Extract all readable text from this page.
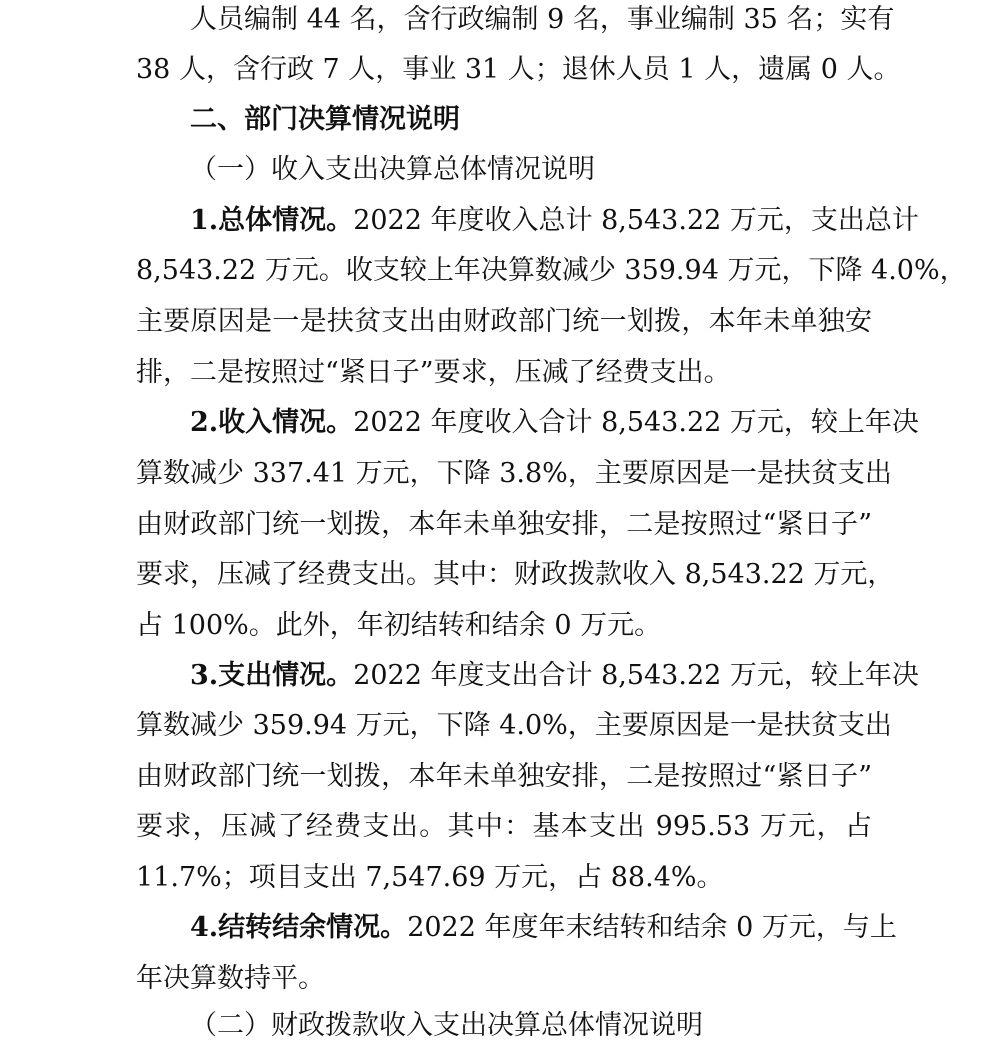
人员编制 44 名，含行政编制 9 名，事业编制 35 名；实有
38 人，含行政 7 人，事业 31 人；退休人员 1 人，遗属 0 人。
二、部门决算情况说明
（一）收入支出决算总体情况说明
1.总体情况。2022 年度收入总计 8,543.22 万元，支出总计
8,543.22 万元。收支较上年决算数减少 359.94 万元，下降 4.0%，
主要原因是一是扶贫支出由财政部门统一划拨，本年未单独安
排，二是按照过“紧日子”要求，压减了经费支出。
2.收入情况。2022 年度收入合计 8,543.22 万元，较上年决
算数减少 337.41 万元，下降 3.8%，主要原因是一是扶贫支出
由财政部门统一划拨，本年未单独安排，二是按照过“紧日子”
要求，压减了经费支出。其中：财政拨款收入 8,543.22 万元，
占 100%。此外，年初结转和结余 0 万元。
3.支出情况。2022 年度支出合计 8,543.22 万元，较上年决
算数减少 359.94 万元，下降 4.0%，主要原因是一是扶贫支出
由财政部门统一划拨，本年未单独安排，二是按照过“紧日子”
要求，压减了经费支出。其中：基本支出 995.53 万元，占
11.7%；项目支出 7,547.69 万元，占 88.4%。
4.结转结余情况。2022 年度年末结转和结余 0 万元，与上
年决算数持平。
（二）财政拨款收入支出决算总体情况说明
